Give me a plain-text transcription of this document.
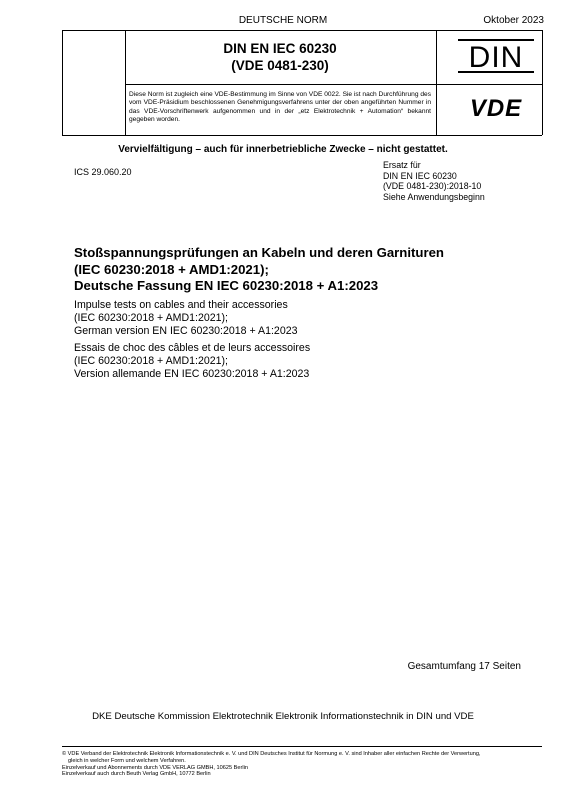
DEUTSCHE NORM	Oktober 2023
DIN EN IEC 60230
(VDE 0481-230)
Diese Norm ist zugleich eine VDE-Bestimmung im Sinne von VDE 0022. Sie ist nach Durchführung des vom VDE-Präsidium beschlossenen Genehmigungsverfahrens unter der oben angeführten Nummer in das VDE-Vorschriftenwerk aufgenommen und in der „etz Elektrotechnik + Automation“ bekannt gegeben worden.
DIN
VDE
Vervielfältigung – auch für innerbetriebliche Zwecke – nicht gestattet.
ICS 29.060.20
Ersatz für
DIN EN IEC 60230
(VDE 0481-230):2018-10
Siehe Anwendungsbeginn
Stoßspannungsprüfungen an Kabeln und deren Garnituren
(IEC 60230:2018 + AMD1:2021);
Deutsche Fassung EN IEC 60230:2018 + A1:2023
Impulse tests on cables and their accessories
(IEC 60230:2018 + AMD1:2021);
German version EN IEC 60230:2018 + A1:2023
Essais de choc des câbles et de leurs accessoires
(IEC 60230:2018 + AMD1:2021);
Version allemande EN IEC 60230:2018 + A1:2023
Gesamtumfang 17 Seiten
DKE Deutsche Kommission Elektrotechnik Elektronik Informationstechnik in DIN und VDE
© VDE Verband der Elektrotechnik Elektronik Informationstechnik e. V. und DIN Deutsches Institut für Normung e. V. sind Inhaber aller einfachen Rechte der Verwertung,
gleich in welcher Form und welchem Verfahren.
Einzelverkauf und Abonnements durch VDE VERLAG GMBH, 10625 Berlin
Einzelverkauf auch durch Beuth Verlag GmbH, 10772 Berlin
